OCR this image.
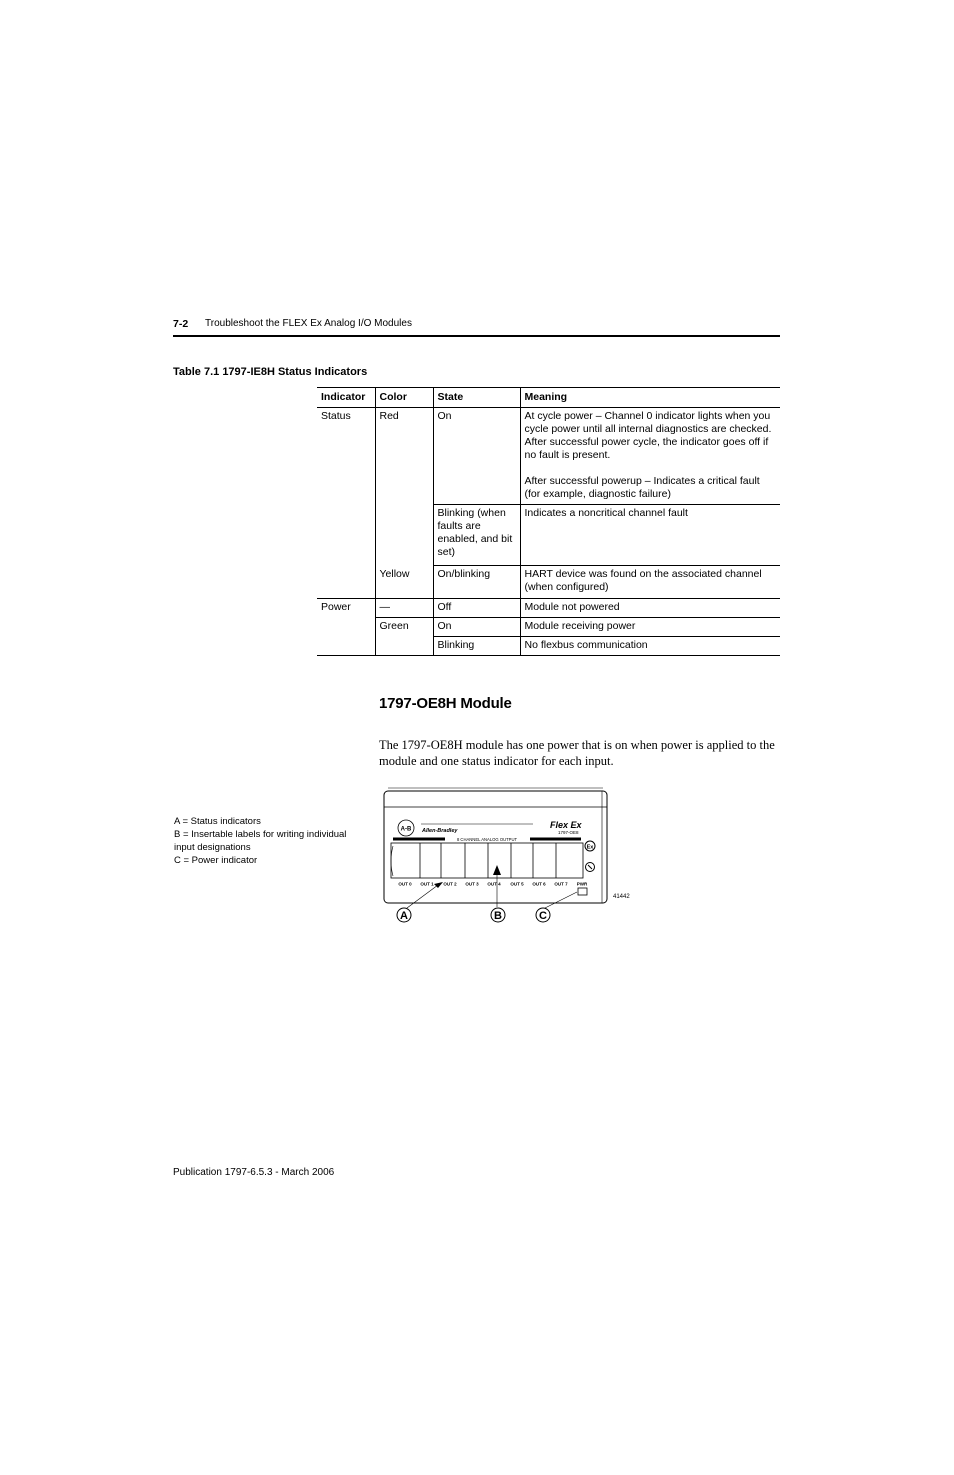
7-2 Troubleshoot the FLEX Ex Analog I/O Modules
Table 7.1 1797-IE8H Status Indicators
Indicator	Color	State	Meaning
Status	Red	On	At cycle power – Channel 0 indicator lights when you cycle power until all internal diagnostics are checked. After successful power cycle, the indicator goes off if no fault is present.
After successful powerup – Indicates a critical fault (for example, diagnostic failure)
		Blinking (when faults are enabled, and bit set)	Indicates a noncritical channel fault
	Yellow	On/blinking	HART device was found on the associated channel (when configured)
Power	—	Off	Module not powered
	Green	On	Module receiving power
		Blinking	No flexbus communication
1797-OE8H Module
The 1797-OE8H module has one power that is on when power is applied to the module and one status indicator for each input.
A = Status indicators
B = Insertable labels for writing individual input designations
C = Power indicator
A-B Allen-Bradley
Flex Ex
1797-OE8
8 CHANNEL ANALOG OUTPUT
Ex
OUT 0 OUT 1 OUT 2 OUT 3 OUT 4 OUT 5 OUT 6 OUT 7 PWR
41442
A	B	C
Publication 1797-6.5.3 - March 2006
